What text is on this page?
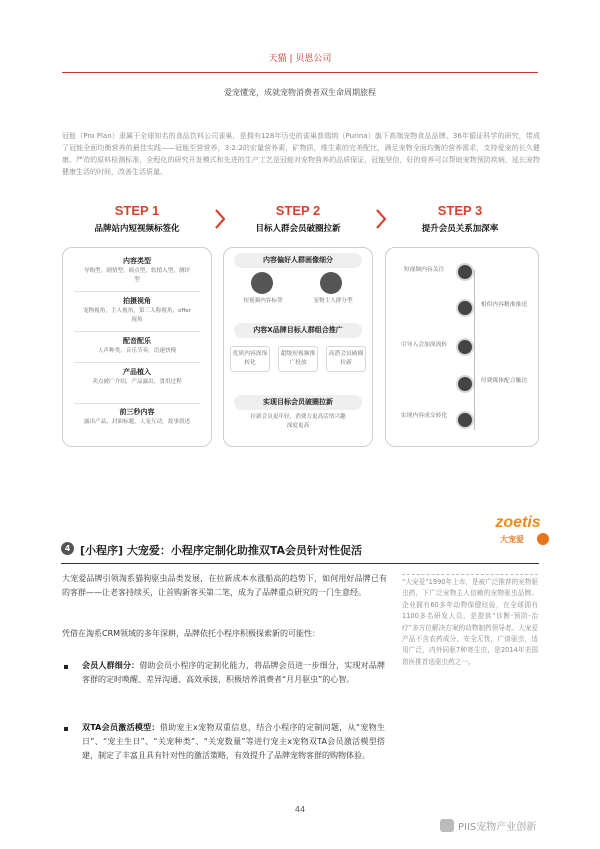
天猫 | 贝恩公司
爱宠懂宠，成就宠物消费者双生命周期旅程
冠能（Pro Plan）隶属于全球知名的食品饮料公司雀巢，是拥有128年历史的雀巢普瑞纳（Purina）旗下高端宠物食品品牌。36年循证科学的研究，带成了冠能全面均衡营养的最佳实践——冠能至营营养，3:2:2的宏量营养素，矿物质，维生素的完美配比，满足宠物全面均衡的营养需求，支持爱宠的长久健康。严苛的原料检测标准，全程化的研究开发模式和先进的生产工艺是冠能对宠物营养的品质保证，冠能坚信，好的营养可以帮助宠物预防疾病，延长宠物健康生活的时间，改善生活质量。
STEP 1
品牌站内短视频标签化
STEP 2
目标人群会员破圈拉新
STEP 3
提升会员关系加深率
内容类型
导购型，剧情型，痛点型，软植入型，测评型
拍摄视角
宠物视角，主人视角，第三人称视角，offer视角
配音配乐
人声种类，音乐节奏，语速快慢
产品植入
卖点被广介绍，产品露出，食用过程
前三秒内容
露出产品，封面标题，人宠互动，故事叙述
内容偏好人群画像细分
短视频内容标签	宠物主人群分型
内容X品牌目标人群组合推广
优质内容深饰转化
超级短视频推广投放
高潜会员破圈拉新
实现目标会员破圈拉新
拉新会员更年轻，消费力更高活情兴趣深度更高
短视频内容关注
相似内容精准推送
引导入会加深流转
付费媒体配合触达
实现内容成交转化
zoetis
大宠爱
4 [小程序] 大宠爱：小程序定制化助推双TA会员针对性促活
大宠爱品牌引领淘系猫狗驱虫品类发展，在拉新成本水涨船高的趋势下，如何用好品牌已有的客群——让老客持续买，让首购新客买第二笔，成为了品牌重点研究的一门生意经。
凭借在淘系CRM领域的多年深耕，品牌依托小程序积极探索新的可能性：
会员人群细分：借助会员小程序的定制化能力，将品牌会员进一步细分，实现对品牌客群的定时唤醒、差异沟通、高效承接，积极培养消费者“月月驱虫”的心智。
双TA会员激活模型：借助宠主x宠物双重信息，结合小程序的定制问题，从“宠物生日”、“宠主生日”、“关宠种类”、“关宠数量”等进行宠主x宠物双TA会员激活模型搭建，制定了丰富且具有针对性的激活策略，有效提升了品牌宠物客群的购物体验。
“大宠爱”1990年上市，是被广泛推荐的宠物驱虫药，下广泛宠物主人信赖的宠物驱虫品牌。企业拥有60多年动物保健经验，在全球拥有1100多名研发人员，是提供“诊断-预防-治疗”多方位解决方案的动物制药领导者。大宠爱产品不含农药成分，安全无忧，广谱驱虫，适用广泛，内外同驱7种寄生虫，是2014年美国兽医推首选驱虫药之一。
44
PIIS宠物产业创新
